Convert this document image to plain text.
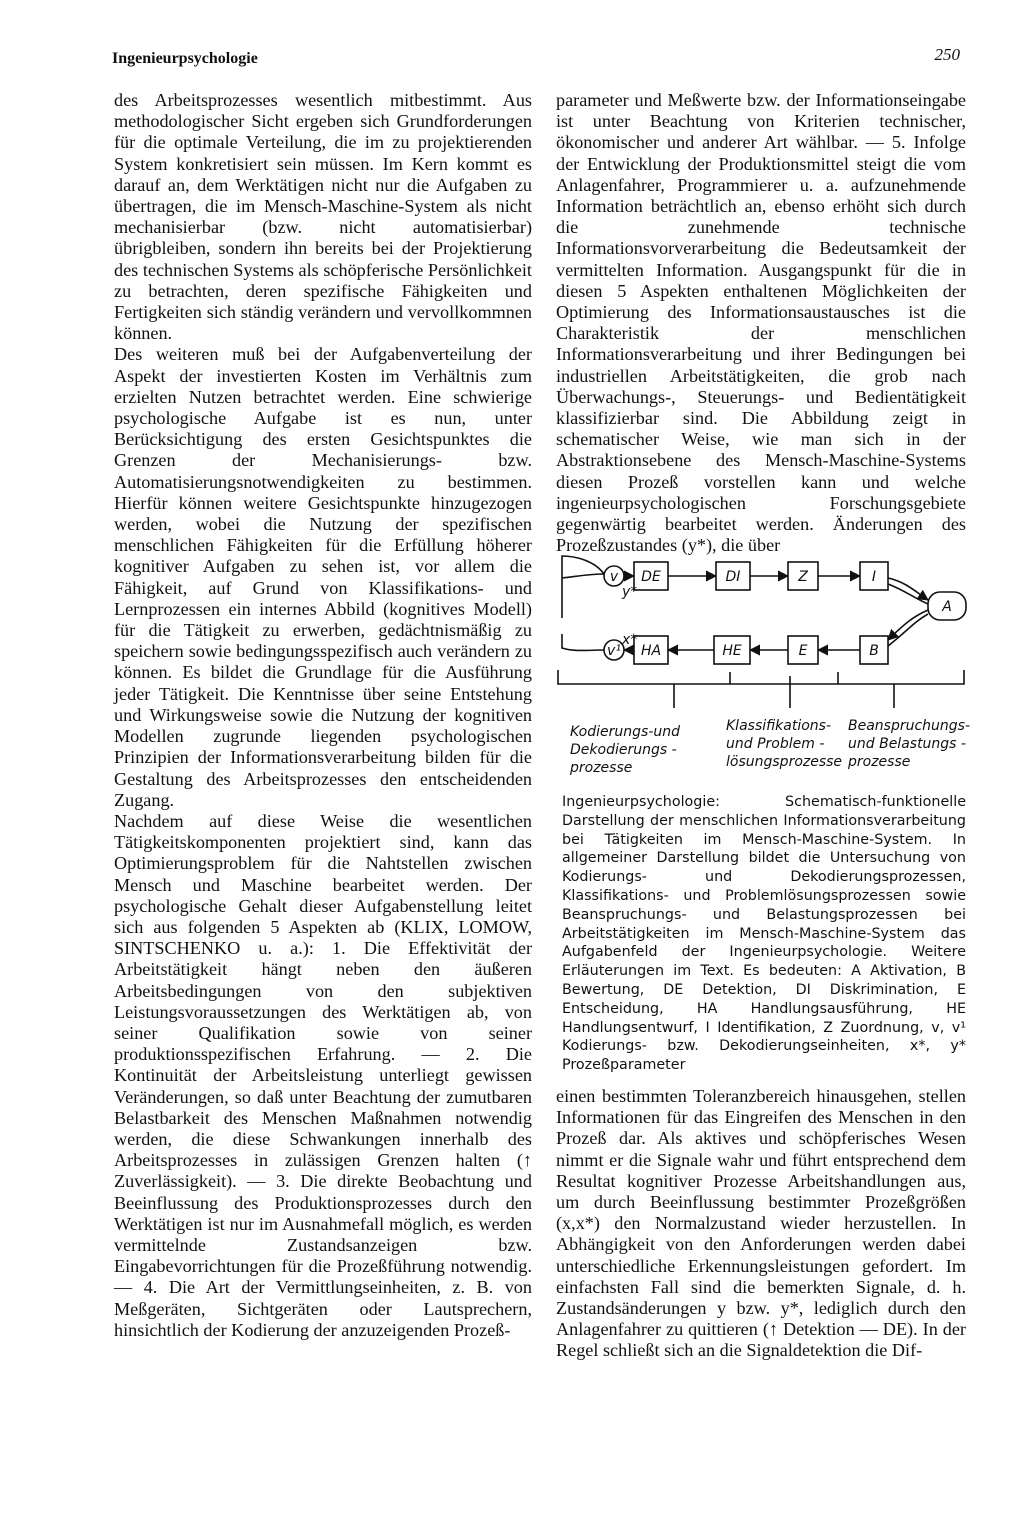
Ingenieurpsychologie	250

des Arbeitsprozesses wesentlich mitbestimmt. Aus methodologischer Sicht ergeben sich Grundforderungen für die optimale Verteilung, die im zu projektierenden System konkretisiert sein müssen. Im Kern kommt es darauf an, dem Werktätigen nicht nur die Aufgaben zu übertragen, die im Mensch-Maschine-System als nicht mechanisierbar (bzw. nicht automatisierbar) übrigbleiben, sondern ihn bereits bei der Projektierung des technischen Systems als schöpferische Persönlichkeit zu betrachten, deren spezifische Fähigkeiten und Fertigkeiten sich ständig verändern und vervollkommnen können.

Des weiteren muß bei der Aufgabenverteilung der Aspekt der investierten Kosten im Verhältnis zum erzielten Nutzen betrachtet werden. Eine schwierige psychologische Aufgabe ist es nun, unter Berücksichtigung des ersten Gesichtspunktes die Grenzen der Mechanisierungs- bzw. Automatisierungsnotwendigkeiten zu bestimmen. Hierfür können weitere Gesichtspunkte hinzugezogen werden, wobei die Nutzung der spezifischen menschlichen Fähigkeiten für die Erfüllung höherer kognitiver Aufgaben zu sehen ist, vor allem die Fähigkeit, auf Grund von Klassifikations- und Lernprozessen ein internes Abbild (kognitives Modell) für die Tätigkeit zu erwerben, gedächtnismäßig zu speichern sowie bedingungsspezifisch auch verändern zu können. Es bildet die Grundlage für die Ausführung jeder Tätigkeit. Die Kenntnisse über seine Entstehung und Wirkungsweise sowie die Nutzung der kognitiven Modellen zugrunde liegenden psychologischen Prinzipien der Informationsverarbeitung bilden für die Gestaltung des Arbeitsprozesses den entscheidenden Zugang.

Nachdem auf diese Weise die wesentlichen Tätigkeitskomponenten projektiert sind, kann das Optimierungsproblem für die Nahtstellen zwischen Mensch und Maschine bearbeitet werden. Der psychologische Gehalt dieser Aufgabenstellung leitet sich aus folgenden 5 Aspekten ab (KLIX, LOMOW, SINTSCHENKO u. a.): 1. Die Effektivität der Arbeitstätigkeit hängt neben den äußeren Arbeitsbedingungen von den subjektiven Leistungsvoraussetzungen des Werktätigen ab, von seiner Qualifikation sowie von seiner produktionsspezifischen Erfahrung. — 2. Die Kontinuität der Arbeitsleistung unterliegt gewissen Veränderungen, so daß unter Beachtung der zumutbaren Belastbarkeit des Menschen Maßnahmen notwendig werden, die diese Schwankungen innerhalb des Arbeitsprozesses in zulässigen Grenzen halten (↑ Zuverlässigkeit). — 3. Die direkte Beobachtung und Beeinflussung des Produktionsprozesses durch den Werktätigen ist nur im Ausnahmefall möglich, es werden vermittelnde Zustandsanzeigen bzw. Eingabevorrichtungen für die Prozeßführung notwendig. — 4. Die Art der Vermittlungseinheiten, z. B. von Meßgeräten, Sichtgeräten oder Lautsprechern, hinsichtlich der Kodierung der anzuzeigenden Prozeß-

parameter und Meßwerte bzw. der Informationseingabe ist unter Beachtung von Kriterien technischer, ökonomischer und anderer Art wählbar. — 5. Infolge der Entwicklung der Produktionsmittel steigt die vom Anlagenfahrer, Programmierer u. a. aufzunehmende Information beträchtlich an, ebenso erhöht sich durch die zunehmende technische Informationsvorverarbeitung die Bedeutsamkeit der vermittelten Information. Ausgangspunkt für die in diesen 5 Aspekten enthaltenen Möglichkeiten der Optimierung des Informationsaustausches ist die Charakteristik der menschlichen Informationsverarbeitung und ihrer Bedingungen bei industriellen Arbeitstätigkeiten, die grob nach Überwachungs-, Steuerungs- und Bedientätigkeit klassifizierbar sind. Die Abbildung zeigt in schematischer Weise, wie man sich in der Abstraktionsebene des Mensch-Maschine-Systems diesen Prozeß vorstellen kann und welche ingenieurpsychologischen Forschungsgebiete gegenwärtig bearbeitet werden. Änderungen des Prozeßzustandes (y*), die über

DE	DI	Z	I
HA	HE	E	B
A
v
v¹
y*
x*
Kodierungs-und
Dekodierungs -
prozesse
Klassifikations-
und Problem -
lösungsprozesse
Beanspruchungs-
und Belastungs -
prozesse

Ingenieurpsychologie: Schematisch-funktionelle Darstellung der menschlichen Informationsverarbeitung bei Tätigkeiten im Mensch-Maschine-System. In allgemeiner Darstellung bildet die Untersuchung von Kodierungs- und Dekodierungsprozessen, Klassifikations- und Problemlösungsprozessen sowie Beanspruchungs- und Belastungsprozessen bei Arbeitstätigkeiten im Mensch-Maschine-System das Aufgabenfeld der Ingenieurpsychologie. Weitere Erläuterungen im Text. Es bedeuten: A Aktivation, B Bewertung, DE Detektion, DI Diskrimination, E Entscheidung, HA Handlungsausführung, HE Handlungsentwurf, I Identifikation, Z Zuordnung, v, v¹ Kodierungs- bzw. Dekodierungseinheiten, x*, y* Prozeßparameter

einen bestimmten Toleranzbereich hinausgehen, stellen Informationen für das Eingreifen des Menschen in den Prozeß dar. Als aktives und schöpferisches Wesen nimmt er die Signale wahr und führt entsprechend dem Resultat kognitiver Prozesse Arbeitshandlungen aus, um durch Beeinflussung bestimmter Prozeßgrößen (x,x*) den Normalzustand wieder herzustellen. In Abhängigkeit von den Anforderungen werden dabei unterschiedliche Erkennungsleistungen gefordert. Im einfachsten Fall sind die bemerkten Signale, d. h. Zustandsänderungen y bzw. y*, lediglich durch den Anlagenfahrer zu quittieren (↑ Detektion — DE). In der Regel schließt sich an die Signaldetektion die Dif-
